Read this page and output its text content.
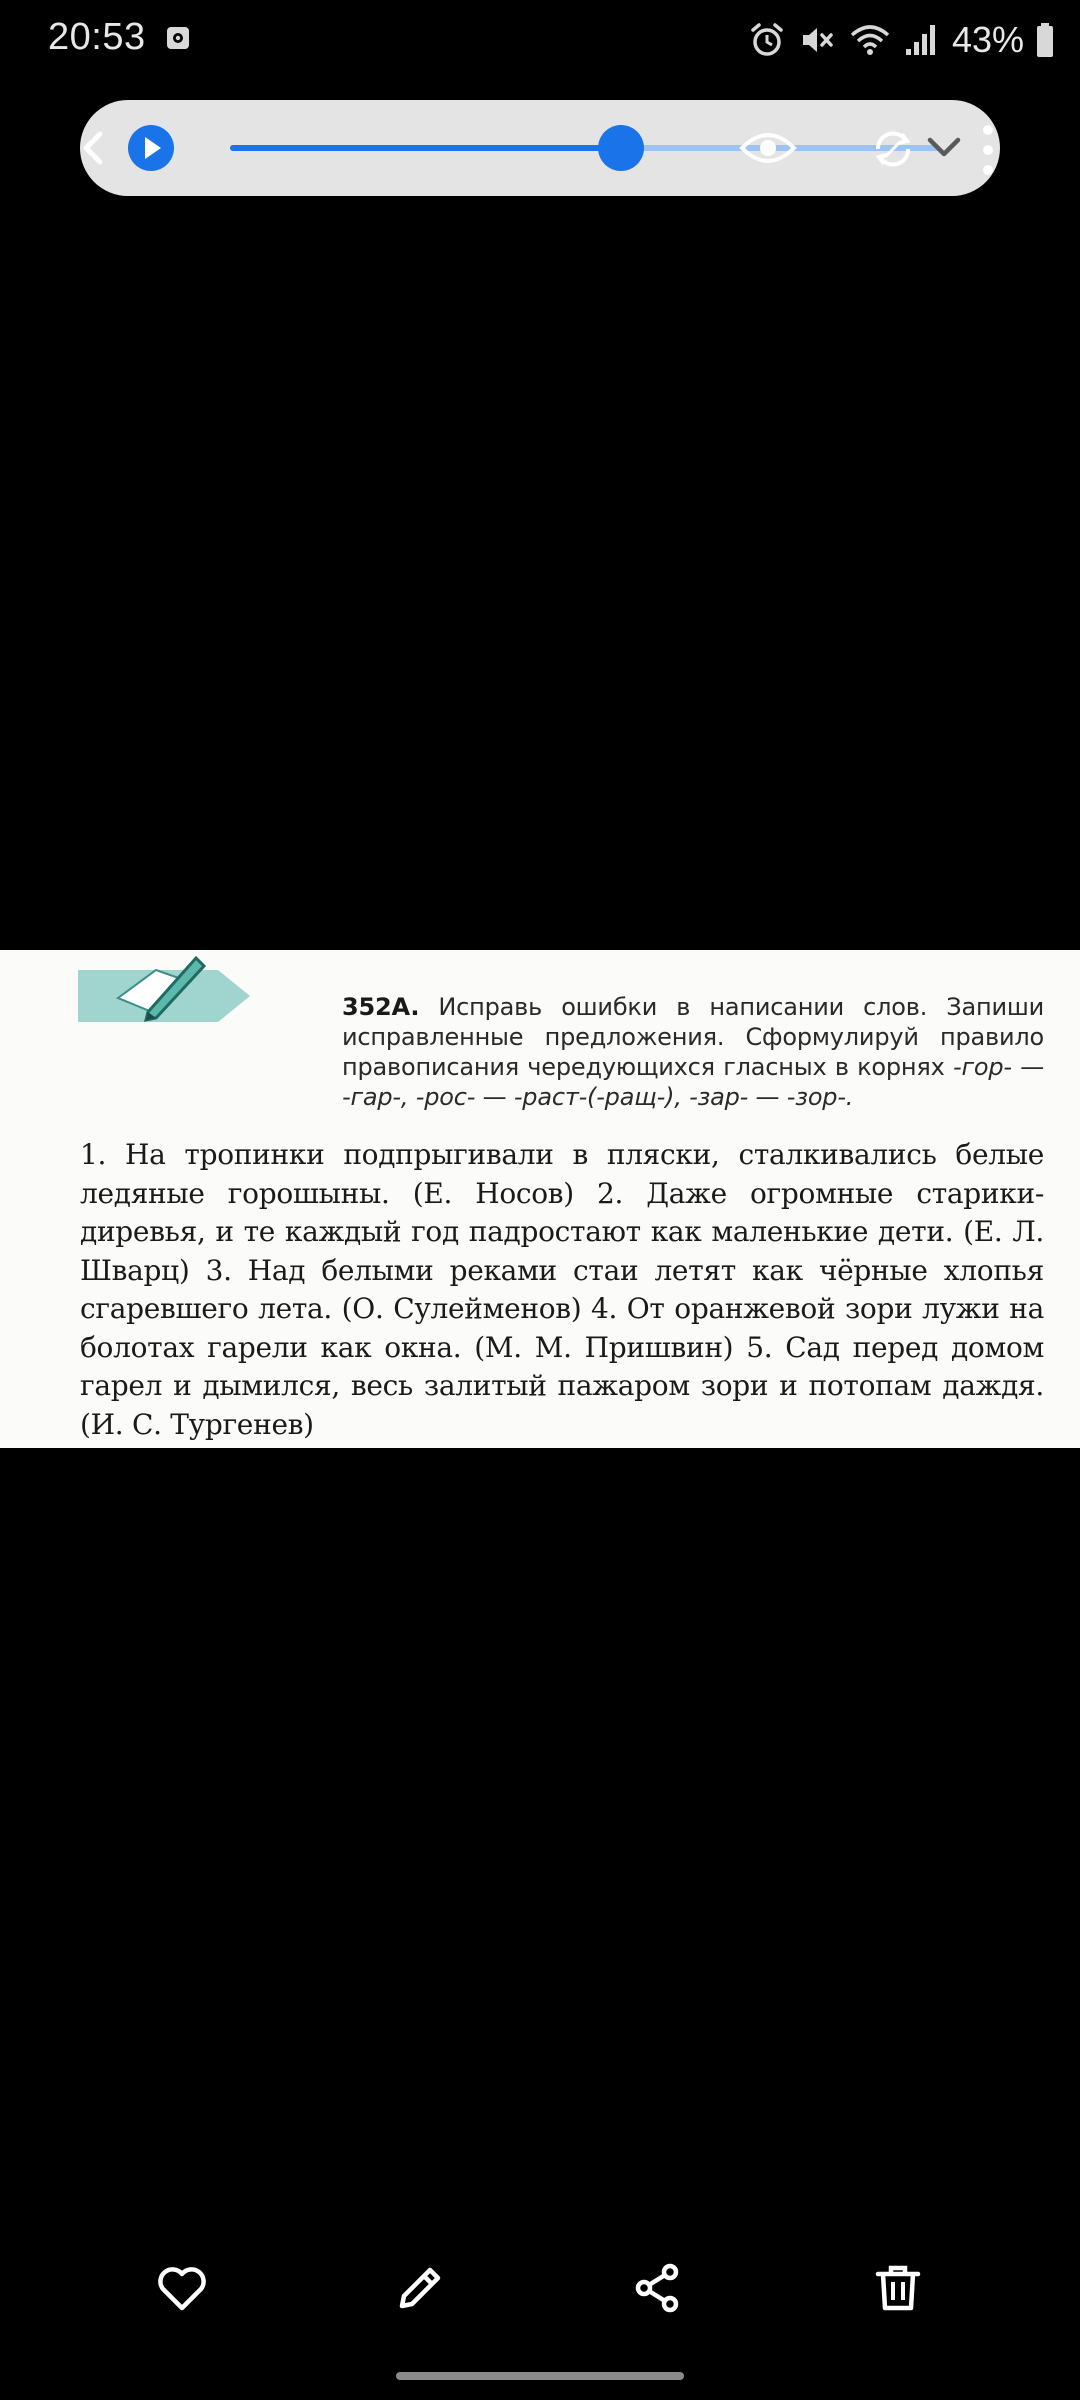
20:53	43%
352A. Исправь ошибки в написании слов. Запиши исправленные предложения. Сформулируй правило правописания чередующихся гласных в корнях -гор- — -гар-, -рос- — -раст-(-ращ-), -зар- — -зор-.
1. На тропинки подпрыгивали в пляски, сталкивались белые ледяные горошыны. (Е. Носов) 2. Даже огромные старики-диревья, и те каждый год падростают как маленькие дети. (Е. Л. Шварц) 3. Над белыми реками стаи летят как чёрные хлопья сгаревшего лета. (О. Сулейменов) 4. От оранжевой зори лужи на болотах гарели как окна. (М. М. Пришвин) 5. Сад перед домом гарел и дымился, весь залитый пажаром зори и потопам даждя. (И. С. Тургенев)
